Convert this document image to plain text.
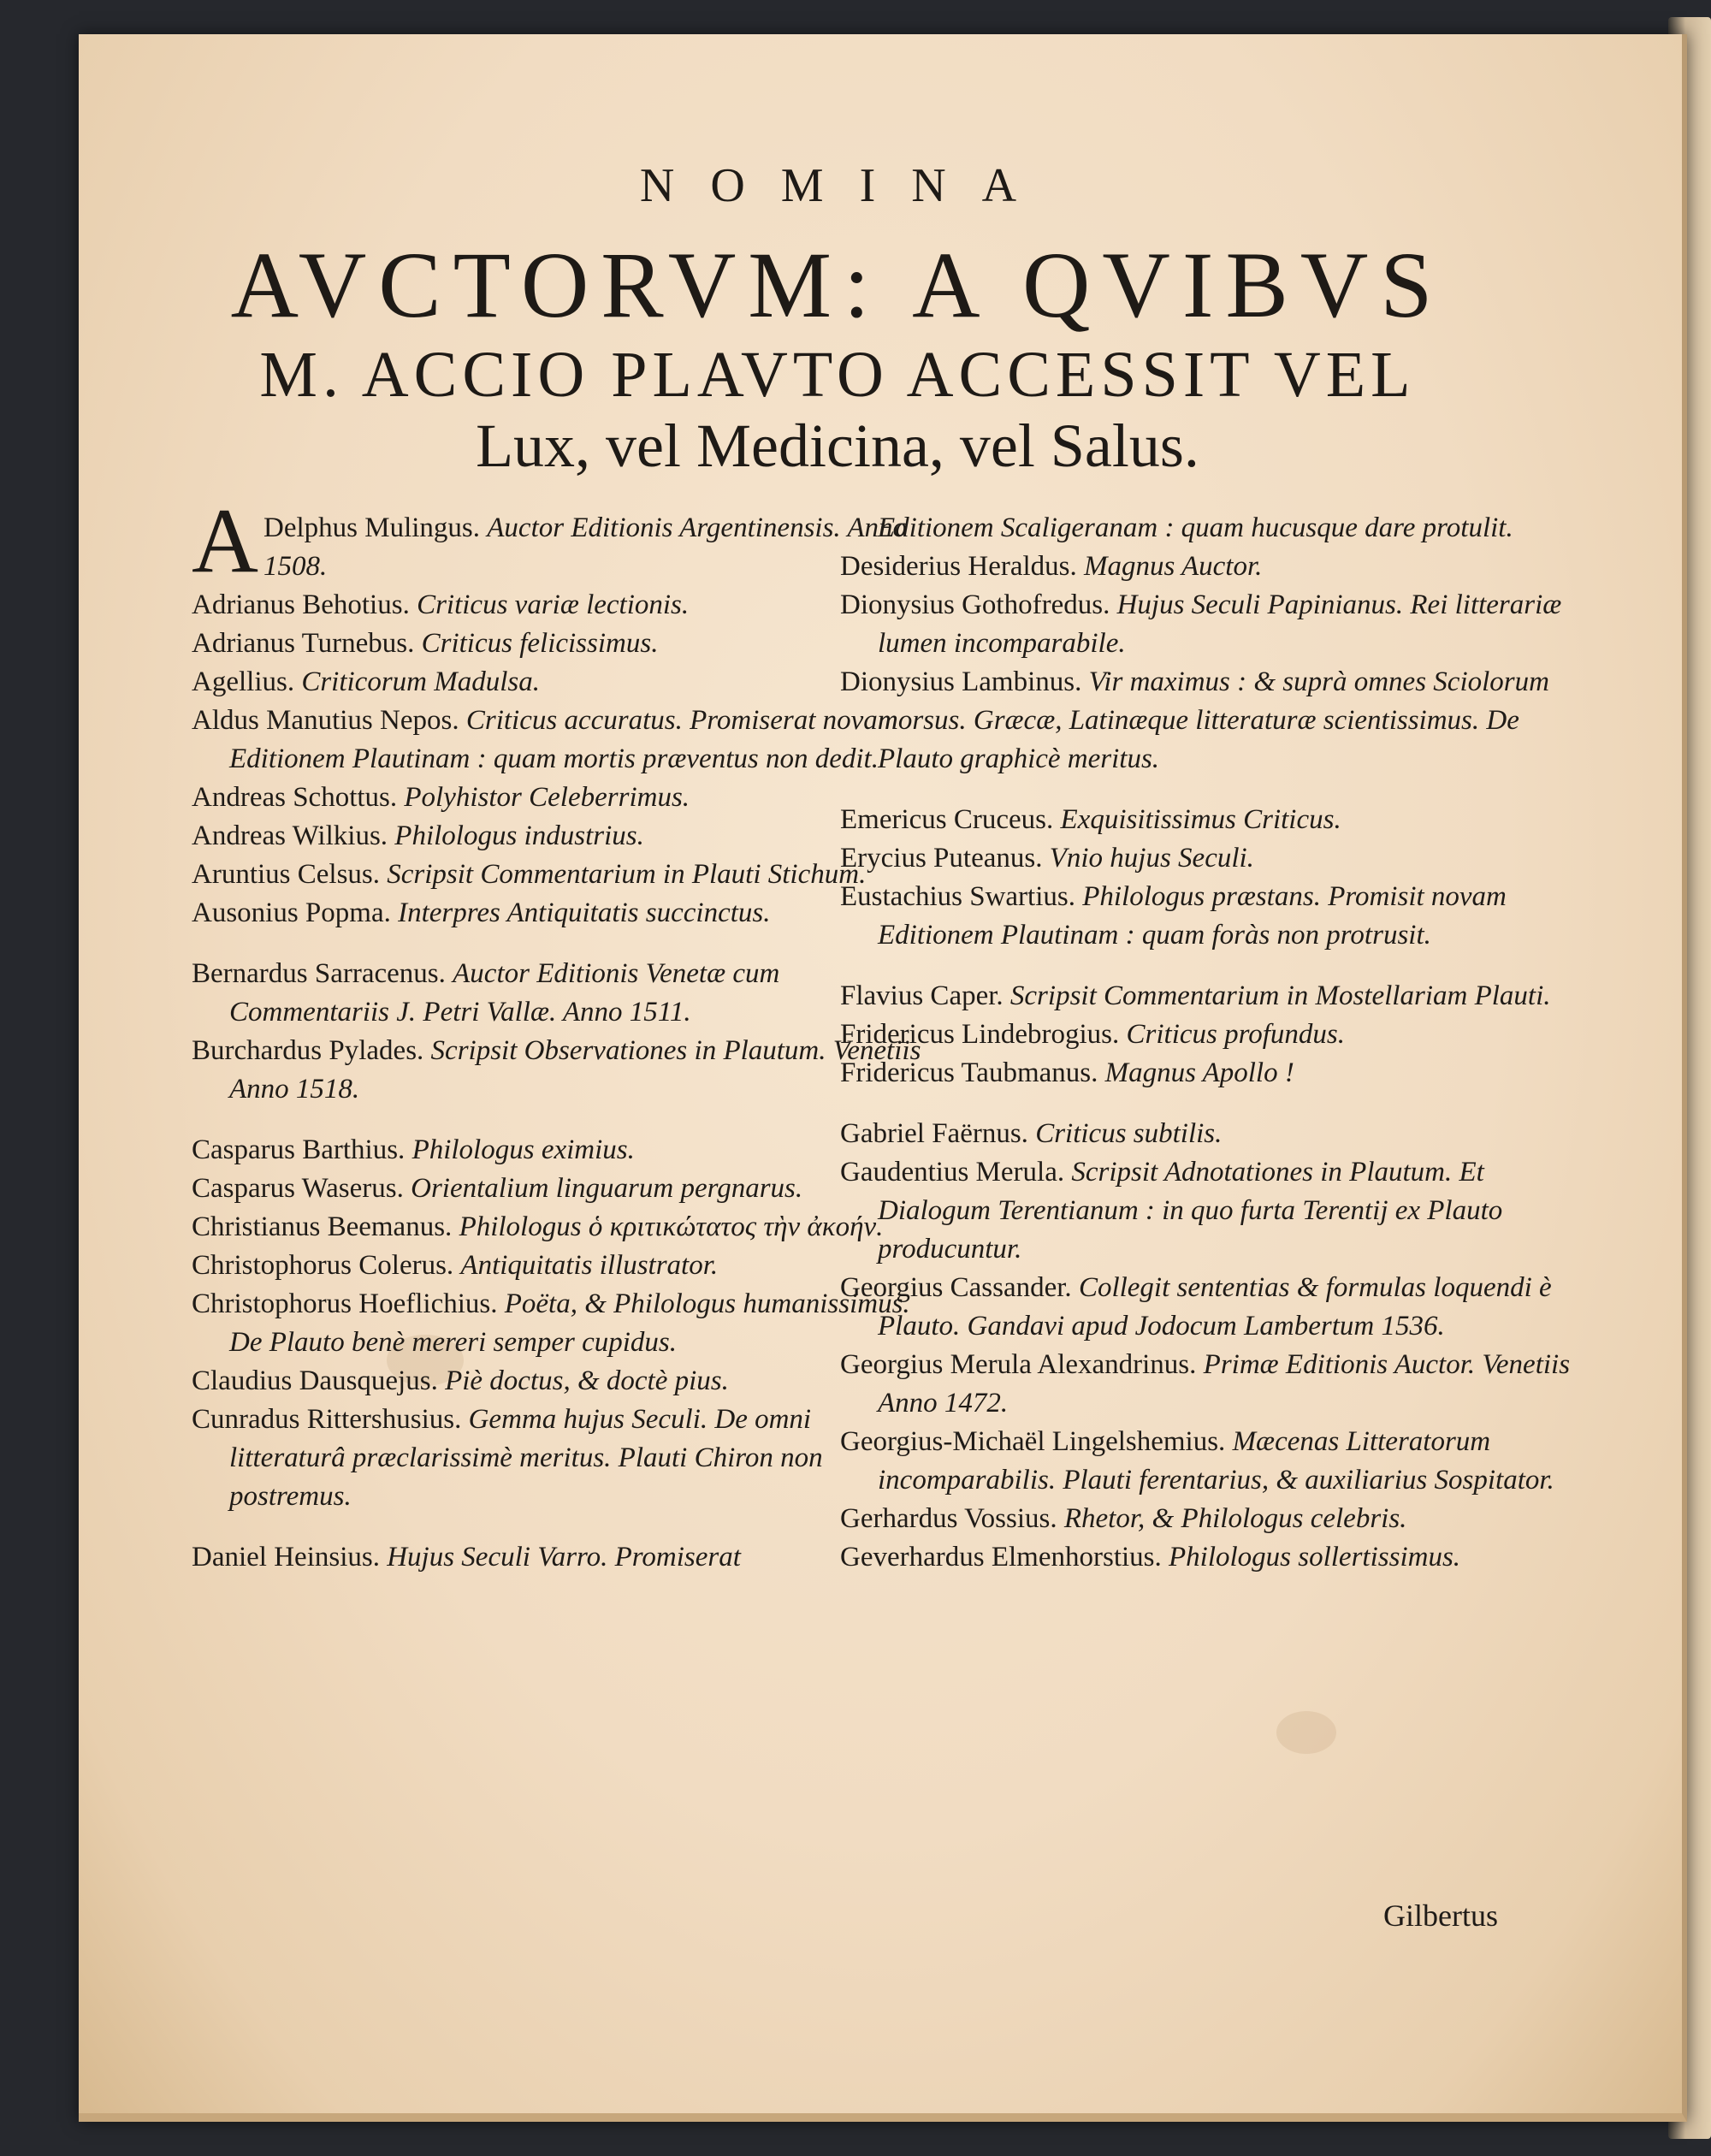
NOMINA
AVCTORVM: A QVIBVS
M. ACCIO PLAVTO ACCESSIT VEL
Lux, vel Medicina, vel Salus.
A Delphus Mulingus. Auctor Editionis Argentinensis. Anno 1508.
Adrianus Behotius. Criticus variæ lectionis.
Adrianus Turnebus. Criticus felicissimus.
Agellius. Criticorum Madulsa.
Aldus Manutius Nepos. Criticus accuratus. Promiserat novam Editionem Plautinam : quam mortis præventus non dedit.
Andreas Schottus. Polyhistor Celeberrimus.
Andreas Wilkius. Philologus industrius.
Aruntius Celsus. Scripsit Commentarium in Plauti Stichum.
Ausonius Popma. Interpres Antiquitatis succinctus.
Bernardus Sarracenus. Auctor Editionis Venetæ cum Commentariis J. Petri Vallæ. Anno 1511.
Burchardus Pylades. Scripsit Observationes in Plautum. Venetiis Anno 1518.
Casparus Barthius. Philologus eximius.
Casparus Waserus. Orientalium linguarum pergnarus.
Christianus Beemanus. Philologus ὁ κριτικώτατος τὴν ἀκοήν.
Christophorus Colerus. Antiquitatis illustrator.
Christophorus Hoeflichius. Poëta, & Philologus humanissimus. De Plauto benè mereri semper cupidus.
Claudius Dausquejus. Piè doctus, & doctè pius.
Cunradus Rittershusius. Gemma hujus Seculi. De omni litteraturâ præclarissimè meritus. Plauti Chiron non postremus.
Daniel Heinsius. Hujus Seculi Varro. Promiserat
Editionem Scaligeranam : quam hucusque dare protulit.
Desiderius Heraldus. Magnus Auctor.
Dionysius Gothofredus. Hujus Seculi Papinianus. Rei litterariæ lumen incomparabile.
Dionysius Lambinus. Vir maximus : & suprà omnes Sciolorum morsus. Græcæ, Latinæque litteraturæ scientissimus. De Plauto graphicè meritus.
Emericus Cruceus. Exquisitissimus Criticus.
Erycius Puteanus. Vnio hujus Seculi.
Eustachius Swartius. Philologus præstans. Promisit novam Editionem Plautinam : quam foràs non protrusit.
Flavius Caper. Scripsit Commentarium in Mostellariam Plauti.
Fridericus Lindebrogius. Criticus profundus.
Fridericus Taubmanus. Magnus Apollo !
Gabriel Faërnus. Criticus subtilis.
Gaudentius Merula. Scripsit Adnotationes in Plautum. Et Dialogum Terentianum : in quo furta Terentij ex Plauto producuntur.
Georgius Cassander. Collegit sententias & formulas loquendi è Plauto. Gandavi apud Jodocum Lambertum 1536.
Georgius Merula Alexandrinus. Primæ Editionis Auctor. Venetiis Anno 1472.
Georgius-Michaël Lingelshemius. Mæcenas Litteratorum incomparabilis. Plauti ferentarius, & auxiliarius Sospitator.
Gerhardus Vossius. Rhetor, & Philologus celebris.
Geverhardus Elmenhorstius. Philologus sollertissimus.
Gilbertus
